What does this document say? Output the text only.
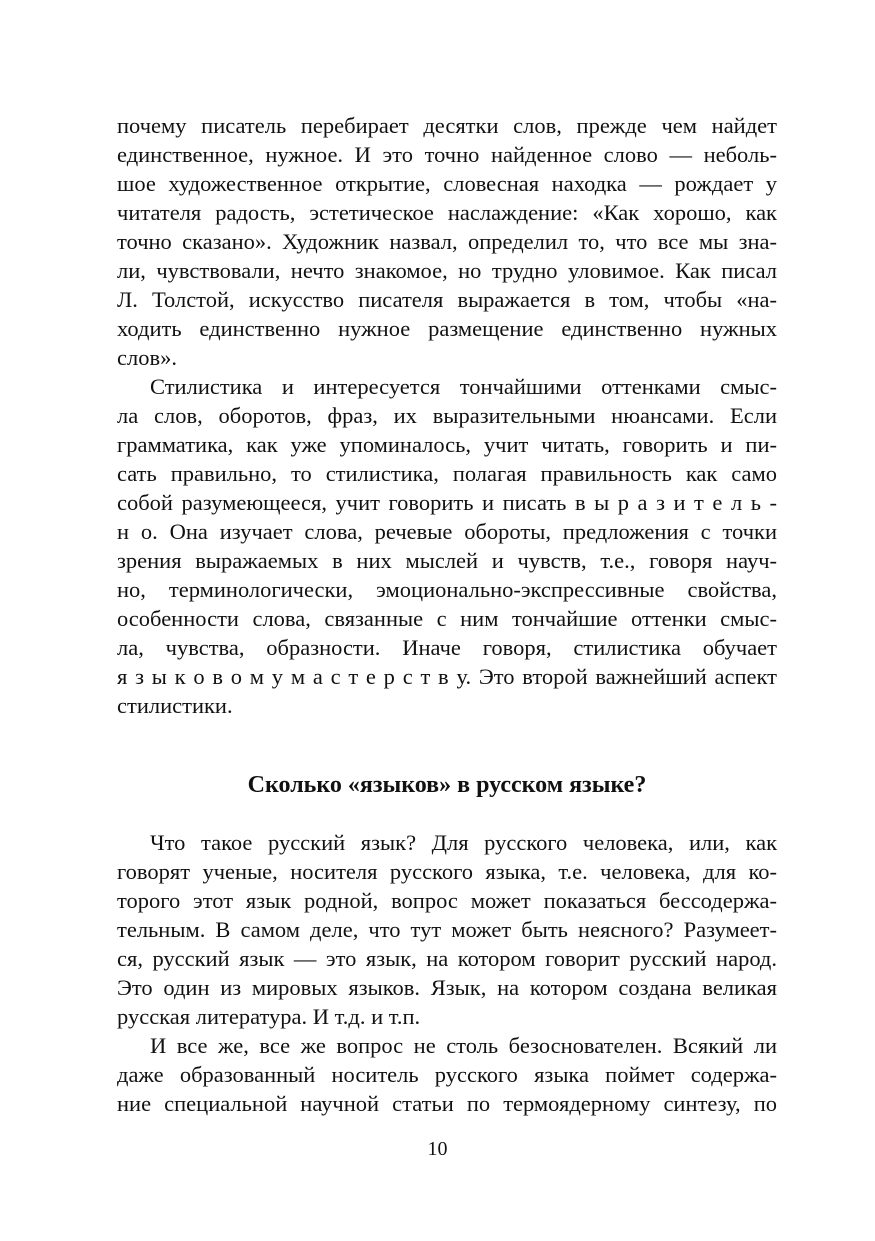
почему писатель перебирает десятки слов, прежде чем найдет
единственное, нужное. И это точно найденное слово — неболь-
шое художественное открытие, словесная находка — рождает у
читателя радость, эстетическое наслаждение: «Как хорошо, как
точно сказано». Художник назвал, определил то, что все мы зна-
ли, чувствовали, нечто знакомое, но трудно уловимое. Как писал
Л. Толстой, искусство писателя выражается в том, чтобы «на-
ходить единственно нужное размещение единственно нужных
слов».
Стилистика и интересуется тончайшими оттенками смыс-
ла слов, оборотов, фраз, их выразительными нюансами. Если
грамматика, как уже упоминалось, учит читать, говорить и пи-
сать правильно, то стилистика, полагая правильность как само
собой разумеющееся, учит говорить и писать в ы р а з и т е л ь -
н о. Она изучает слова, речевые обороты, предложения с точки
зрения выражаемых в них мыслей и чувств, т.е., говоря науч-
но, терминологически, эмоционально-экспрессивные свойства,
особенности слова, связанные с ним тончайшие оттенки смыс-
ла, чувства, образности. Иначе говоря, стилистика обучает
я з ы к о в о м у м а с т е р с т в у. Это второй важнейший аспект
стилистики.
Сколько «языков» в русском языке?
Что такое русский язык? Для русского человека, или, как
говорят ученые, носителя русского языка, т.е. человека, для ко-
торого этот язык родной, вопрос может показаться бессодержа-
тельным. В самом деле, что тут может быть неясного? Разумеет-
ся, русский язык — это язык, на котором говорит русский народ.
Это один из мировых языков. Язык, на котором создана великая
русская литература. И т.д. и т.п.
И все же, все же вопрос не столь безоснователен. Всякий ли
даже образованный носитель русского языка поймет содержа-
ние специальной научной статьи по термоядерному синтезу, по
10
